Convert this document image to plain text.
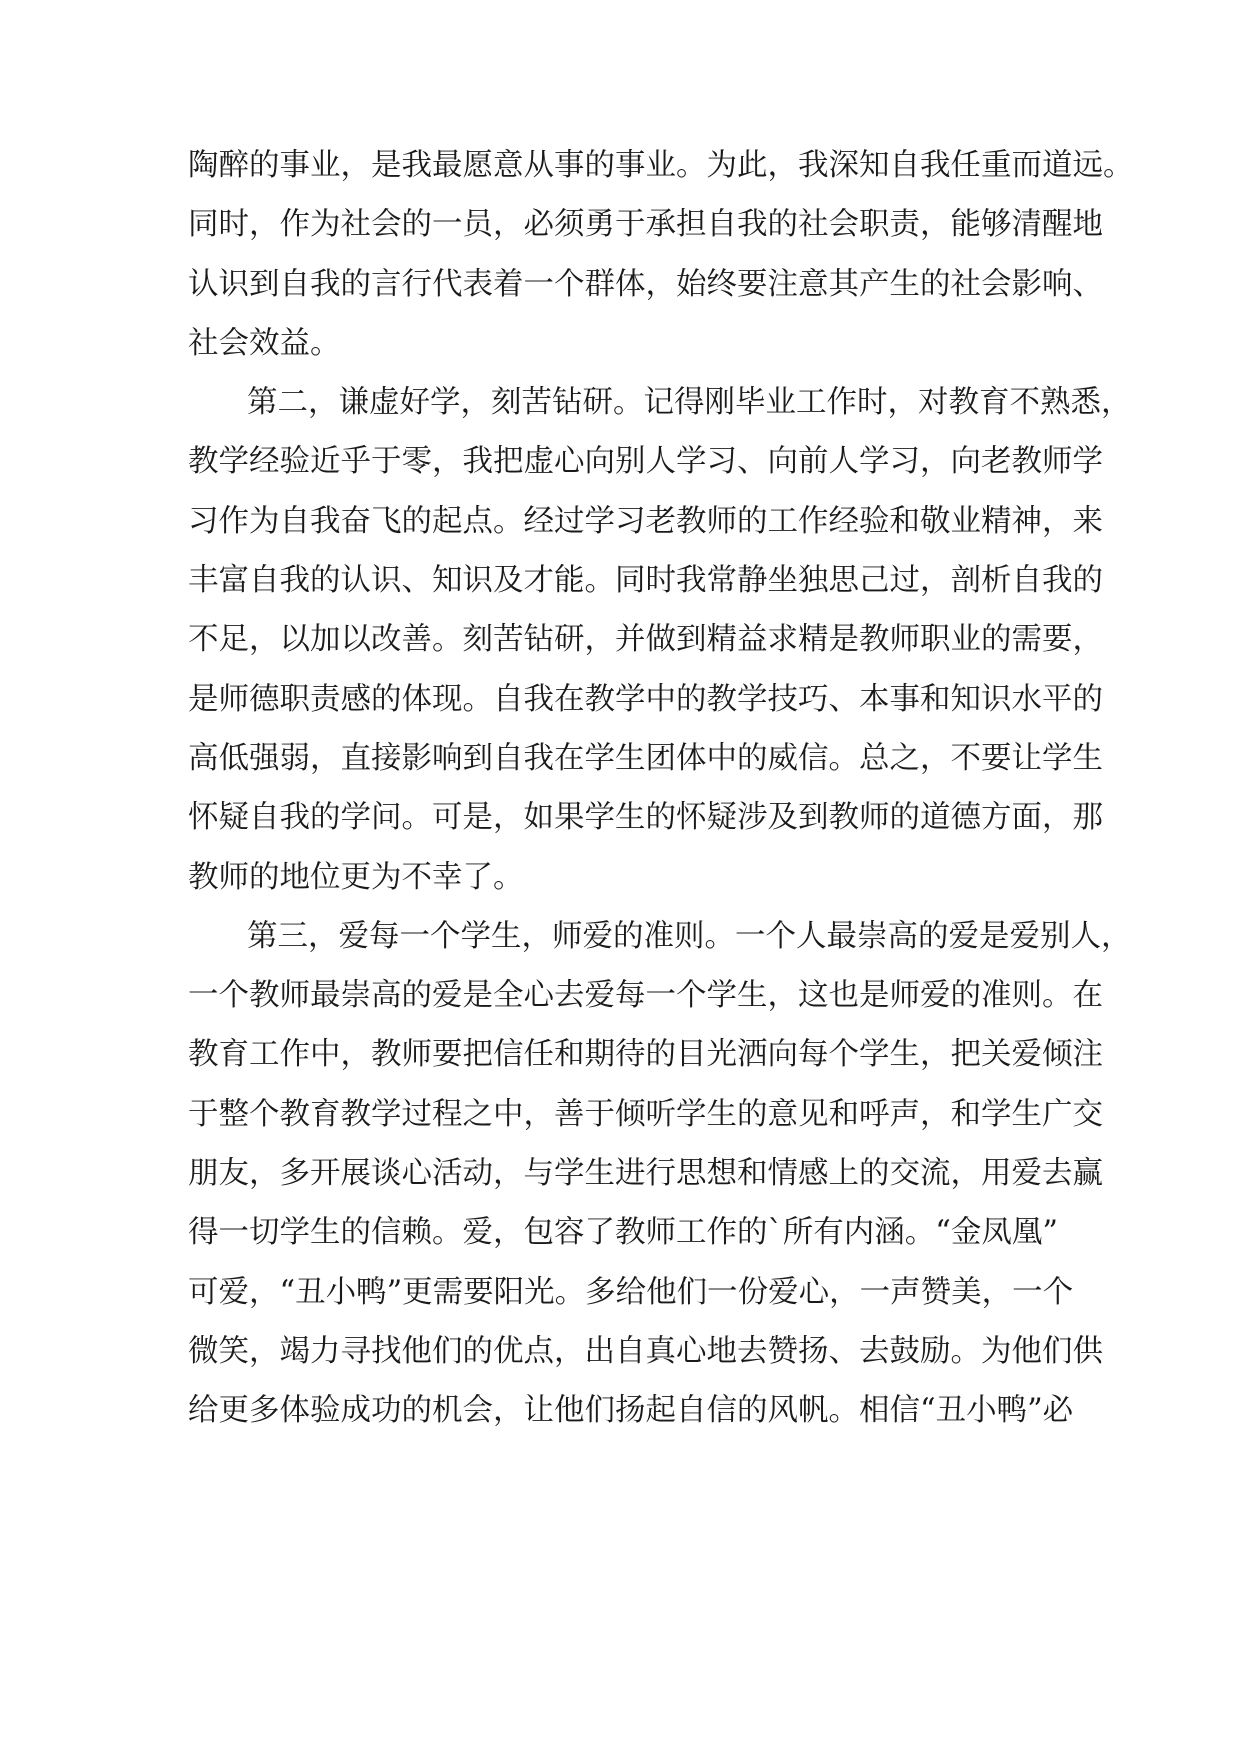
陶醉的事业，是我最愿意从事的事业。为此，我深知自我任重而道远。
同时，作为社会的一员，必须勇于承担自我的社会职责，能够清醒地
认识到自我的言行代表着一个群体，始终要注意其产生的社会影响、
社会效益。
第二，谦虚好学，刻苦钻研。记得刚毕业工作时，对教育不熟悉，
教学经验近乎于零，我把虚心向别人学习、向前人学习，向老教师学
习作为自我奋飞的起点。经过学习老教师的工作经验和敬业精神，来
丰富自我的认识、知识及才能。同时我常静坐独思己过，剖析自我的
不足，以加以改善。刻苦钻研，并做到精益求精是教师职业的需要，
是师德职责感的体现。自我在教学中的教学技巧、本事和知识水平的
高低强弱，直接影响到自我在学生团体中的威信。总之，不要让学生
怀疑自我的学问。可是，如果学生的怀疑涉及到教师的道德方面，那
教师的地位更为不幸了。
第三，爱每一个学生，师爱的准则。一个人最崇高的爱是爱别人，
一个教师最崇高的爱是全心去爱每一个学生，这也是师爱的准则。在
教育工作中，教师要把信任和期待的目光洒向每个学生，把关爱倾注
于整个教育教学过程之中，善于倾听学生的意见和呼声，和学生广交
朋友，多开展谈心活动，与学生进行思想和情感上的交流，用爱去赢
得一切学生的信赖。爱，包容了教师工作的`所有内涵。“金凤凰”
可爱，“丑小鸭”更需要阳光。多给他们一份爱心，一声赞美，一个
微笑，竭力寻找他们的优点，出自真心地去赞扬、去鼓励。为他们供
给更多体验成功的机会，让他们扬起自信的风帆。相信“丑小鸭”必
